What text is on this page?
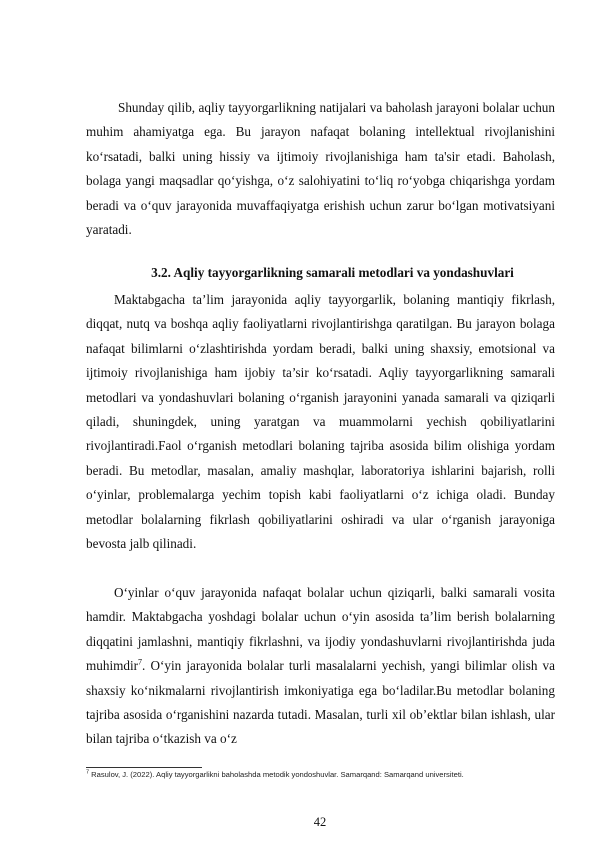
Shunday qilib, aqliy tayyorgarlikning natijalari va baholash jarayoni bolalar uchun muhim ahamiyatga ega. Bu jarayon nafaqat bolaning intellektual rivojlanishini ko‘rsatadi, balki uning hissiy va ijtimoiy rivojlanishiga ham ta'sir etadi. Baholash, bolaga yangi maqsadlar qo‘yishga, o‘z salohiyatini to‘liq ro‘yobga chiqarishga yordam beradi va o‘quv jarayonida muvaffaqiyatga erishish uchun zarur bo‘lgan motivatsiyani yaratadi.

3.2. Aqliy tayyorgarlikning samarali metodlari va yondashuvlari

Maktabgacha ta’lim jarayonida aqliy tayyorgarlik, bolaning mantiqiy fikrlash, diqqat, nutq va boshqa aqliy faoliyatlarni rivojlantirishga qaratilgan. Bu jarayon bolaga nafaqat bilimlarni o‘zlashtirishda yordam beradi, balki uning shaxsiy, emotsional va ijtimoiy rivojlanishiga ham ijobiy ta’sir ko‘rsatadi. Aqliy tayyorgarlikning samarali metodlari va yondashuvlari bolaning o‘rganish jarayonini yanada samarali va qiziqarli qiladi, shuningdek, uning yaratgan va muammolarni yechish qobiliyatlarini rivojlantiradi.Faol o‘rganish metodlari bolaning tajriba asosida bilim olishiga yordam beradi. Bu metodlar, masalan, amaliy mashqlar, laboratoriya ishlarini bajarish, rolli o‘yinlar, problemalarga yechim topish kabi faoliyatlarni o‘z ichiga oladi. Bunday metodlar bolalarning fikrlash qobiliyatlarini oshiradi va ular o‘rganish jarayoniga bevosta jalb qilinadi.

O‘yinlar o‘quv jarayonida nafaqat bolalar uchun qiziqarli, balki samarali vosita hamdir. Maktabgacha yoshdagi bolalar uchun o‘yin asosida ta’lim berish bolalarning diqqatini jamlashni, mantiqiy fikrlashni, va ijodiy yondashuvlarni rivojlantirishda juda muhimdir$^7$. O‘yin jarayonida bolalar turli masalalarni yechish, yangi bilimlar olish va shaxsiy ko‘nikmalarni rivojlantirish imkoniyatiga ega bo‘ladilar.Bu metodlar bolaning tajriba asosida o‘rganishini nazarda tutadi. Masalan, turli xil ob’ektlar bilan ishlash, ular bilan tajriba o‘tkazish va o‘z

$^7$ Rasulov, J. (2022). Aqliy tayyorgarlikni baholashda metodik yondoshuvlar. Samarqand: Samarqand universiteti.
42
